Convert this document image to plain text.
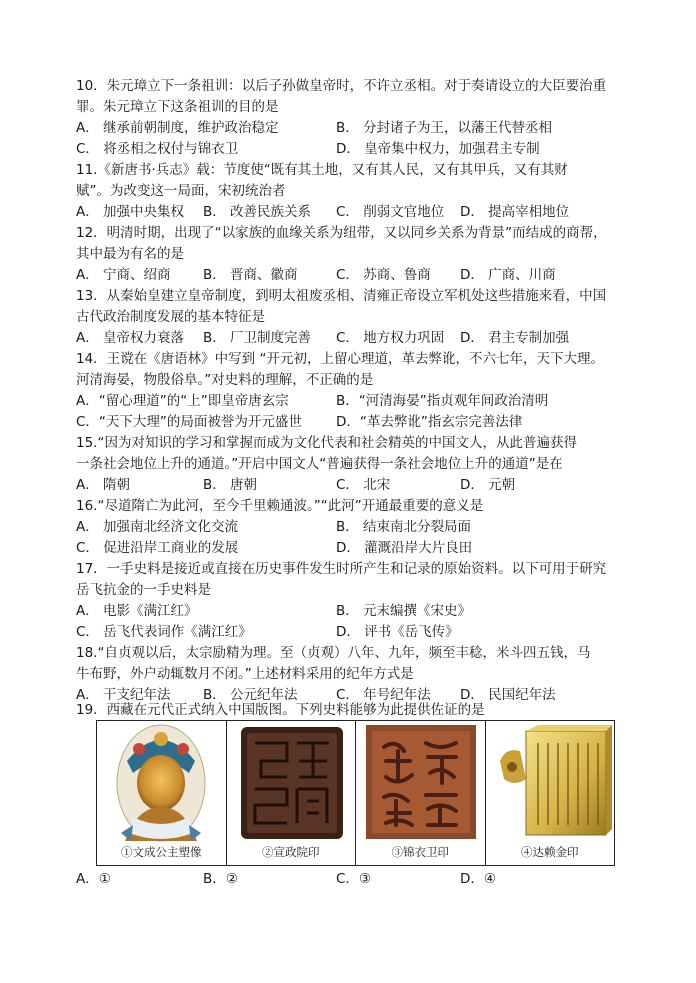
10．朱元璋立下一条祖训：以后子孙做皇帝时，不许立丞相。对于奏请设立的大臣要治重
罪。朱元璋立下这条祖训的目的是
A． 继承前朝制度，维护政治稳定	B． 分封诸子为王，以藩王代替丞相
C． 将丞相之权付与锦衣卫	D． 皇帝集中权力，加强君主专制
11.《新唐书·兵志》载：节度使“既有其土地，又有其人民，又有其甲兵，又有其财
赋”。为改变这一局面，宋初统治者
A． 加强中央集权 B． 改善民族关系 C． 削弱文官地位 D． 提高宰相地位
12．明清时期，出现了“以家族的血缘关系为纽带，又以同乡关系为背景”而结成的商帮，
其中最为有名的是
A． 宁商、绍商 B． 晋商、徽商	C． 苏商、鲁商 D． 广商、川商
13．从秦始皇建立皇帝制度，到明太祖废丞相、清雍正帝设立军机处这些措施来看，中国
古代政治制度发展的基本特征是
A． 皇帝权力衰落 B． 厂卫制度完善 C． 地方权力巩固 D． 君主专制加强
14．王谠在《唐语林》中写到 “开元初，上留心理道，革去弊讹，不六七年，天下大理。
河清海晏，物殷俗阜。”对史料的理解，不正确的是
A．“留心理道”的“上”即皇帝唐玄宗	B．“河清海晏”指贞观年间政治清明
C．“天下大理”的局面被誉为开元盛世	D．“革去弊讹”指玄宗完善法律
15.“因为对知识的学习和掌握而成为文化代表和社会精英的中国文人，从此普遍获得
一条社会地位上升的通道。”开启中国文人“普遍获得一条社会地位上升的通道”是在
A． 隋朝	B． 唐朝	C． 北宋	D． 元朝
16.“尽道隋亡为此河，至今千里赖通波。”“此河”开通最重要的意义是
A． 加强南北经济文化交流	B． 结束南北分裂局面
C． 促进沿岸工商业的发展	D． 灌溉沿岸大片良田
17．一手史料是接近或直接在历史事件发生时所产生和记录的原始资料。以下可用于研究
岳飞抗金的一手史料是
A． 电影《满江红》	B． 元末编撰《宋史》
C． 岳飞代表词作《满江红》	D． 评书《岳飞传》
18.“自贞观以后，太宗励精为理。至（贞观）八年、九年，频至丰稔，米斗四五钱，马
牛布野，外户动辄数月不闭。”上述材料采用的纪年方式是
A． 干支纪年法 B． 公元纪年法	C． 年号纪年法 D． 民国纪年法
19．西藏在元代正式纳入中国版图。下列史料能够为此提供佐证的是
①文成公主塑像	②宣政院印	③锦衣卫印	④达赖金印
A．①	B．②	C．③	D．④
